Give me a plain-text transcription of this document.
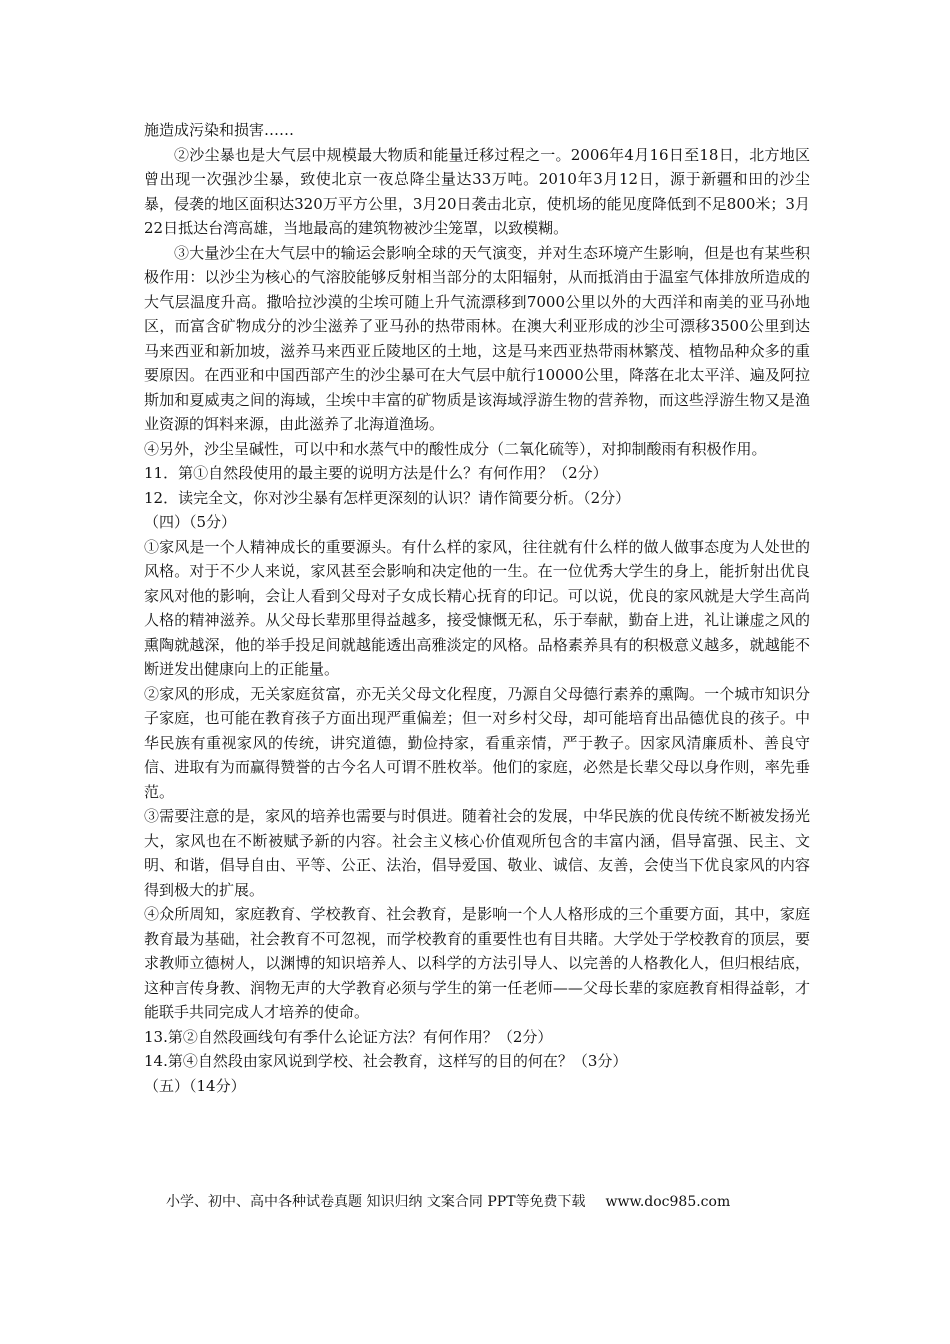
施造成污染和损害……

②沙尘暴也是大气层中规模最大物质和能量迁移过程之一。2006年4月16日至18日，北方地区曾出现一次强沙尘暴，致使北京一夜总降尘量达33万吨。2010年3月12日，源于新疆和田的沙尘暴，侵袭的地区面积达320万平方公里，3月20日袭击北京，使机场的能见度降低到不足800米；3月22日抵达台湾高雄，当地最高的建筑物被沙尘笼罩，以致模糊。

③大量沙尘在大气层中的输运会影响全球的天气演变，并对生态环境产生影响，但是也有某些积极作用：以沙尘为核心的气溶胶能够反射相当部分的太阳辐射，从而抵消由于温室气体排放所造成的大气层温度升高。撒哈拉沙漠的尘埃可随上升气流漂移到7000公里以外的大西洋和南美的亚马孙地区，而富含矿物成分的沙尘滋养了亚马孙的热带雨林。在澳大利亚形成的沙尘可漂移3500公里到达马来西亚和新加坡，滋养马来西亚丘陵地区的土地，这是马来西亚热带雨林繁茂、植物品种众多的重要原因。在西亚和中国西部产生的沙尘暴可在大气层中航行10000公里，降落在北太平洋、遍及阿拉斯加和夏威夷之间的海域，尘埃中丰富的矿物质是该海域浮游生物的营养物，而这些浮游生物又是渔业资源的饵料来源，由此滋养了北海道渔场。

④另外，沙尘呈碱性，可以中和水蒸气中的酸性成分（二氧化硫等），对抑制酸雨有积极作用。

11．第①自然段使用的最主要的说明方法是什么？有何作用？（2分）

12．读完全文，你对沙尘暴有怎样更深刻的认识？请作简要分析。（2分）

（四）（5分）

①家风是一个人精神成长的重要源头。有什么样的家风，往往就有什么样的做人做事态度为人处世的风格。对于不少人来说，家风甚至会影响和决定他的一生。在一位优秀大学生的身上，能折射出优良家风对他的影响，会让人看到父母对子女成长精心抚育的印记。可以说，优良的家风就是大学生高尚人格的精神滋养。从父母长辈那里得益越多，接受慷慨无私，乐于奉献，勤奋上进，礼让谦虚之风的熏陶就越深，他的举手投足间就越能透出高雅淡定的风格。品格素养具有的积极意义越多，就越能不断迸发出健康向上的正能量。

②家风的形成，无关家庭贫富，亦无关父母文化程度，乃源自父母德行素养的熏陶。一个城市知识分子家庭，也可能在教育孩子方面出现严重偏差；但一对乡村父母，却可能培育出品德优良的孩子。中华民族有重视家风的传统，讲究道德，勤俭持家，看重亲情，严于教子。因家风清廉质朴、善良守信、进取有为而赢得赞誉的古今名人可谓不胜枚举。他们的家庭，必然是长辈父母以身作则，率先垂范。

③需要注意的是，家风的培养也需要与时俱进。随着社会的发展，中华民族的优良传统不断被发扬光大，家风也在不断被赋予新的内容。社会主义核心价值观所包含的丰富内涵，倡导富强、民主、文明、和谐，倡导自由、平等、公正、法治，倡导爱国、敬业、诚信、友善，会使当下优良家风的内容得到极大的扩展。

④众所周知，家庭教育、学校教育、社会教育，是影响一个人人格形成的三个重要方面，其中，家庭教育最为基础，社会教育不可忽视，而学校教育的重要性也有目共睹。大学处于学校教育的顶层，要求教师立德树人，以渊博的知识培养人、以科学的方法引导人、以完善的人格教化人，但归根结底，这种言传身教、润物无声的大学教育必须与学生的第一任老师——父母长辈的家庭教育相得益彰，才能联手共同完成人才培养的使命。

13.第②自然段画线句有季什么论证方法？有何作用？（2分）

14.第④自然段由家风说到学校、社会教育，这样写的目的何在？（3分）

（五）（14分）

小学、初中、高中各种试卷真题 知识归纳 文案合同 PPT等免费下载 www.doc985.com
